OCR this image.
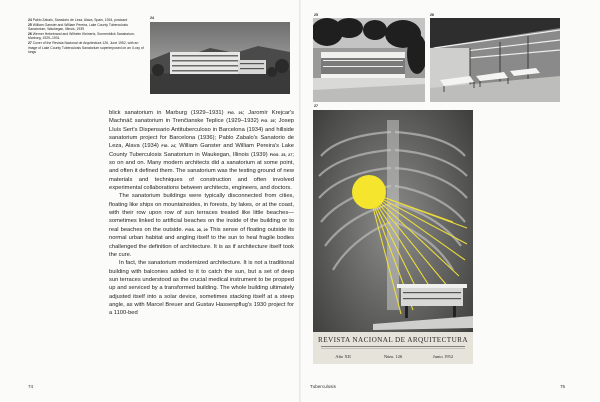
24Pablo Zabalo, Sanatorio de Leza, Alava, Spain, 1934, postcard

25William Ganster and William Pereira, Lake County Tuberculosis Sanatorium, Waukegan, Illinois, 1939

26Werner Hebebrand and Wilhelm Kleinertz, Sonnenblick Sanatorium, Marburg, 1929–1931.

27Cover of the Revista Nacional de Arquitectura 126, June 1952, with an image of Lake County Tuberculosis Sanatorium superimposed on an X-ray of lungs

24
25	26
27
REVISTA NACIONAL DE ARQUITECTURA
Año XII	Núm. 126	Junio 1952

blick sanatorium in Marburg (1929–1931) FIG. 26; Jaromír Krejcar's Machnáč sanatorium in Trenčianske Teplice (1929–1932) FIG. 25; Josep Lluís Sert's Dispensario Antituberculoso in Barcelona (1934) and hillside sanatorium project for Barcelona (1936); Pablo Zabalo's Sanatorio de Leza, Alava (1934) FIG. 24; William Ganster and William Pereira's Lake County Tuberculosis Sanatorium in Waukegan, Illinois (1939) FIGS. 25, 27; so on and on. Many modern architects did a sanatorium at some point, and often it defined them. The sanatorium was the testing ground of new materials and techniques of construction and often involved experimental collaborations between architects, engineers, and doctors.

The sanatorium buildings were typically disconnected from cities, floating like ships on mountainsides, in forests, by lakes, or at the coast, with their row upon row of sun terraces treated like little beaches—sometimes linked to artificial beaches on the inside of the building or to real beaches on the outside. FIGS. 28, 29 This sense of floating outside its normal urban habitat and angling itself to the sun to heal fragile bodies challenged the definition of architecture. It is as if architecture itself took the cure.

In fact, the sanatorium modernized architecture. It is not a traditional building with balconies added to it to catch the sun, but a set of deep sun terraces understood as the crucial medical instrument to be propped up and serviced by a transformed building. The whole building ultimately adjusted itself into a solar device, sometimes stacking itself at a steep angle, as with Marcel Breuer and Gustav Hassenpflug's 1930 project for a 1100-bed

74	Tuberculosis	75
